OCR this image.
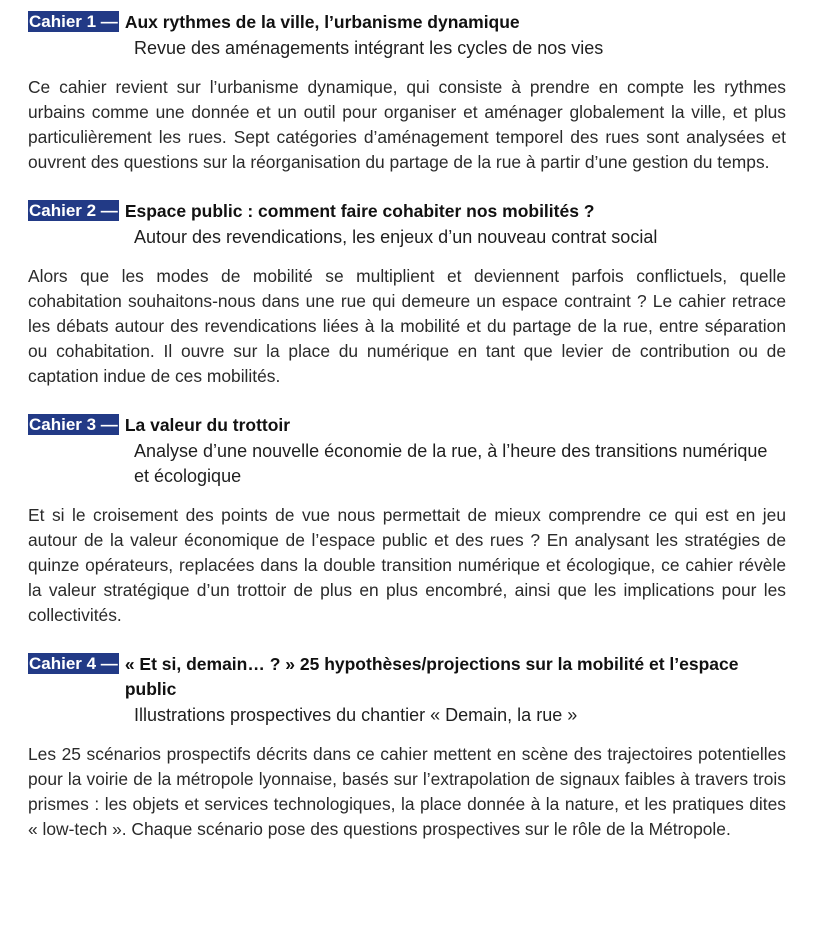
Cahier 1 — Aux rythmes de la ville, l’urbanisme dynamique
Revue des aménagements intégrant les cycles de nos vies

Ce cahier revient sur l’urbanisme dynamique, qui consiste à prendre en compte les rythmes urbains comme une donnée et un outil pour organiser et aménager globalement la ville, et plus particulièrement les rues. Sept catégories d’aménagement temporel des rues sont analysées et ouvrent des questions sur la réorganisation du partage de la rue à partir d’une gestion du temps.

Cahier 2 — Espace public : comment faire cohabiter nos mobilités ?
Autour des revendications, les enjeux d’un nouveau contrat social

Alors que les modes de mobilité se multiplient et deviennent parfois conflictuels, quelle cohabitation souhaitons-nous dans une rue qui demeure un espace contraint ? Le cahier retrace les débats autour des revendications liées à la mobilité et du partage de la rue, entre séparation ou cohabitation. Il ouvre sur la place du numérique en tant que levier de contribution ou de captation indue de ces mobilités.

Cahier 3 — La valeur du trottoir
Analyse d’une nouvelle économie de la rue, à l’heure des transitions numérique et écologique

Et si le croisement des points de vue nous permettait de mieux comprendre ce qui est en jeu autour de la valeur économique de l’espace public et des rues ? En analysant les stratégies de quinze opérateurs, replacées dans la double transition numérique et écologique, ce cahier révèle la valeur stratégique d’un trottoir de plus en plus encombré, ainsi que les implications pour les collectivités.

Cahier 4 — « Et si, demain… ? » 25 hypothèses/projections sur la mobilité et l’espace public
Illustrations prospectives du chantier « Demain, la rue »

Les 25 scénarios prospectifs décrits dans ce cahier mettent en scène des trajectoires potentielles pour la voirie de la métropole lyonnaise, basés sur l’extrapolation de signaux faibles à travers trois prismes : les objets et services technologiques, la place donnée à la nature, et les pratiques dites « low-tech ». Chaque scénario pose des questions prospectives sur le rôle de la Métropole.
